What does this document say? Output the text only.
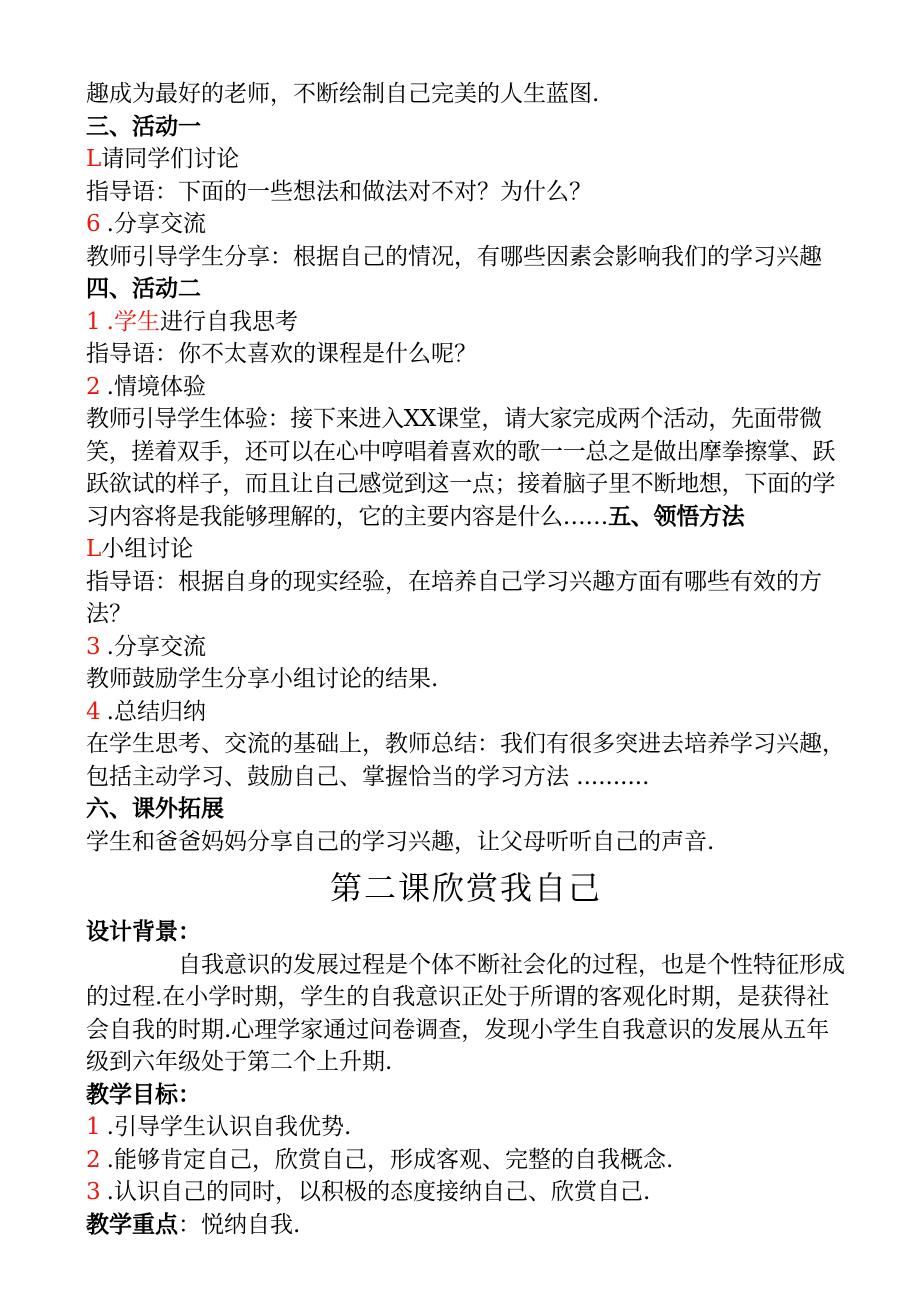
趣成为最好的老师，不断绘制自己完美的人生蓝图.
三、活动一
L请同学们讨论
指导语：下面的一些想法和做法对不对？为什么？
6 .分享交流
教师引导学生分享：根据自己的情况，有哪些因素会影响我们的学习兴趣
四、活动二
1 .学生进行自我思考
指导语：你不太喜欢的课程是什么呢？
2 .情境体验
教师引导学生体验：接下来进入XX课堂，请大家完成两个活动，先面带微笑，搓着双手，还可以在心中哼唱着喜欢的歌一一总之是做出摩拳擦掌、跃跃欲试的样子，而且让自己感觉到这一点；接着脑子里不断地想，下面的学习内容将是我能够理解的，它的主要内容是什么……五、领悟方法
L小组讨论
指导语：根据自身的现实经验，在培养自己学习兴趣方面有哪些有效的方法？
3 .分享交流
教师鼓励学生分享小组讨论的结果.
4 .总结归纳
在学生思考、交流的基础上，教师总结：我们有很多突进去培养学习兴趣，包括主动学习、鼓励自己、掌握恰当的学习方法 ..........
六、课外拓展
学生和爸爸妈妈分享自己的学习兴趣，让父母听听自己的声音.
第二课欣赏我自己
设计背景：
自我意识的发展过程是个体不断社会化的过程，也是个性特征形成的过程.在小学时期，学生的自我意识正处于所谓的客观化时期，是获得社会自我的时期.心理学家通过问卷调查，发现小学生自我意识的发展从五年级到六年级处于第二个上升期.
教学目标：
1 .引导学生认识自我优势.
2 .能够肯定自己，欣赏自己，形成客观、完整的自我概念.
3 .认识自己的同时，以积极的态度接纳自己、欣赏自己.
教学重点：悦纳自我.
